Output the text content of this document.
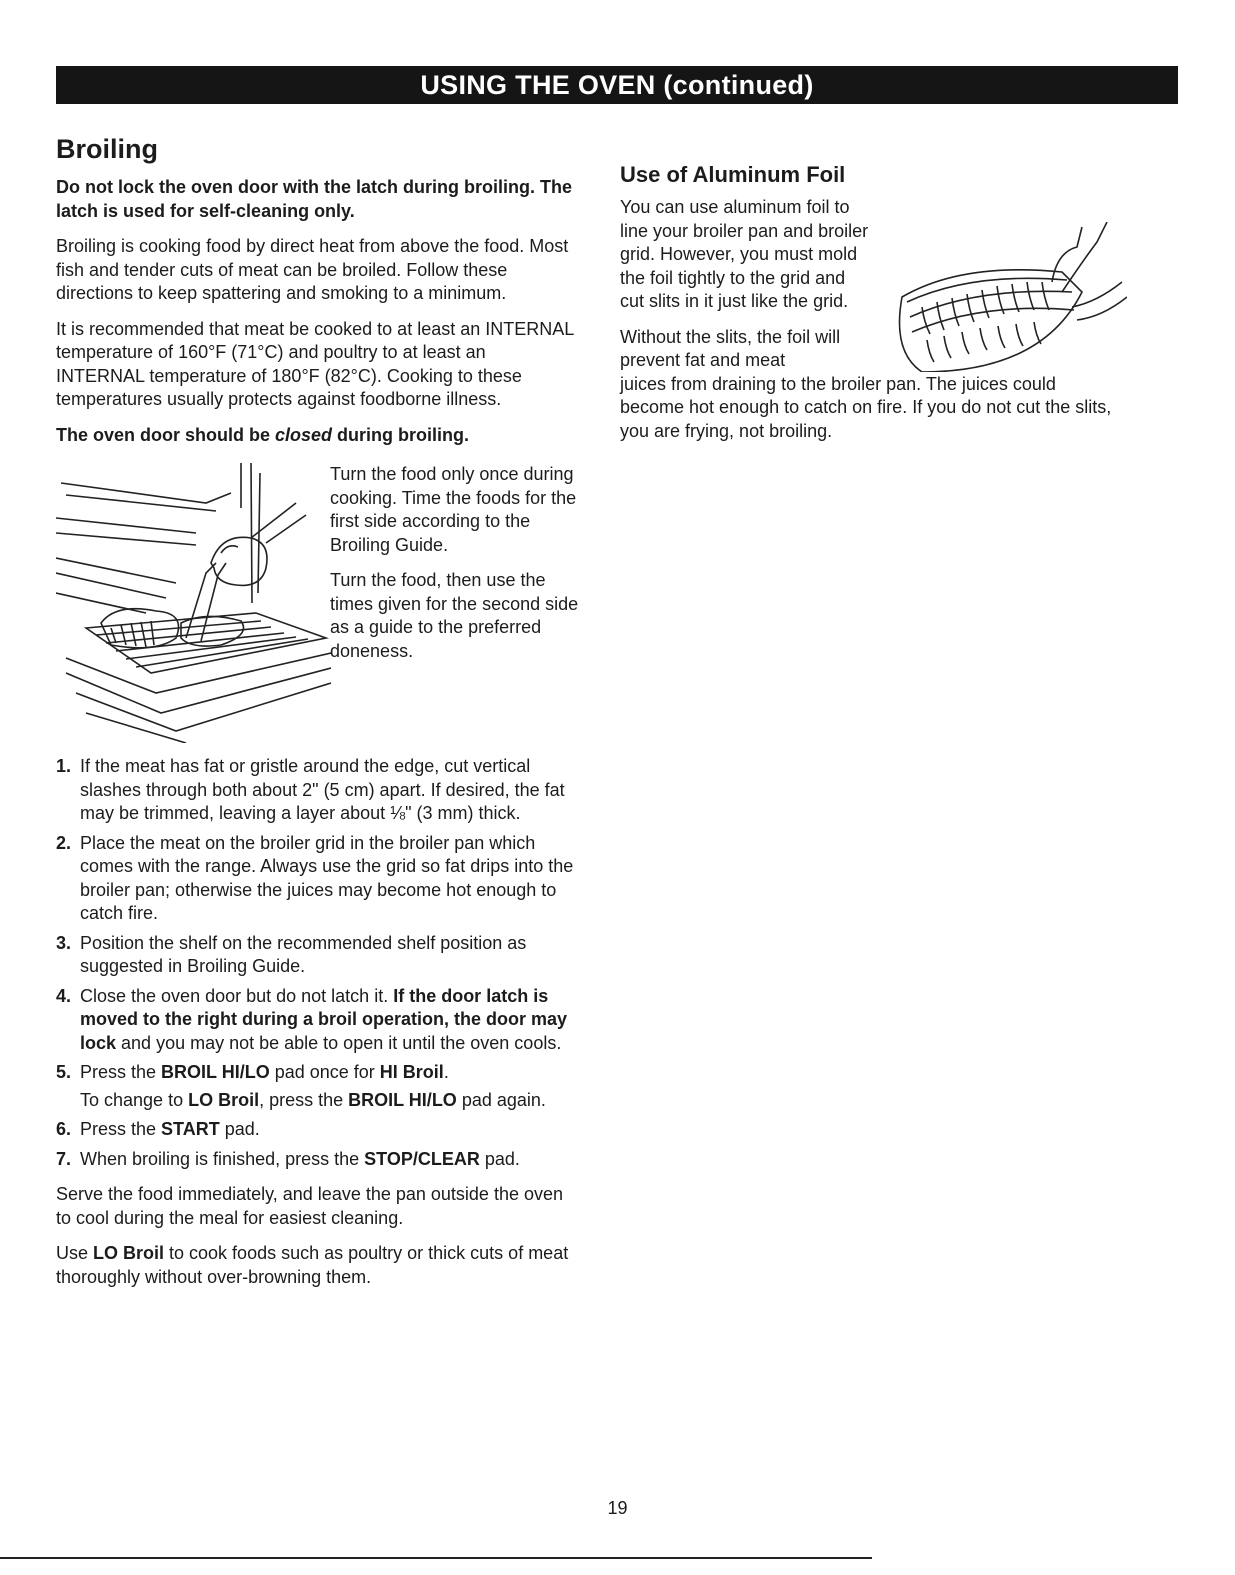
USING THE OVEN (continued)
Broiling

Do not lock the oven door with the latch during broiling. The latch is used for self-cleaning only.

Broiling is cooking food by direct heat from above the food. Most fish and tender cuts of meat can be broiled. Follow these directions to keep spattering and smoking to a minimum.

It is recommended that meat be cooked to at least an INTERNAL temperature of 160°F (71°C) and poultry to at least an INTERNAL temperature of 180°F (82°C). Cooking to these temperatures usually protects against foodborne illness.

The oven door should be closed during broiling.

Turn the food only once during cooking. Time the foods for the first side according to the Broiling Guide.

Turn the food, then use the times given for the second side as a guide to the preferred doneness.

1. If the meat has fat or gristle around the edge, cut vertical slashes through both about 2" (5 cm) apart. If desired, the fat may be trimmed, leaving a layer about ⅛" (3 mm) thick.
2. Place the meat on the broiler grid in the broiler pan which comes with the range. Always use the grid so fat drips into the broiler pan; otherwise the juices may become hot enough to catch fire.
3. Position the shelf on the recommended shelf position as suggested in Broiling Guide.
4. Close the oven door but do not latch it. If the door latch is moved to the right during a broil operation, the door may lock and you may not be able to open it until the oven cools.
5. Press the BROIL HI/LO pad once for HI Broil.

To change to LO Broil, press the BROIL HI/LO pad again.

6. Press the START pad.
7. When broiling is finished, press the STOP/CLEAR pad.

Serve the food immediately, and leave the pan outside the oven to cool during the meal for easiest cleaning.

Use LO Broil to cook foods such as poultry or thick cuts of meat thoroughly without over-browning them.

Use of Aluminum Foil

You can use aluminum foil to line your broiler pan and broiler grid. However, you must mold the foil tightly to the grid and cut slits in it just like the grid.

Without the slits, the foil will prevent fat and meat
juices from draining to the broiler pan. The juices could become hot enough to catch on fire. If you do not cut the slits, you are frying, not broiling.

19
